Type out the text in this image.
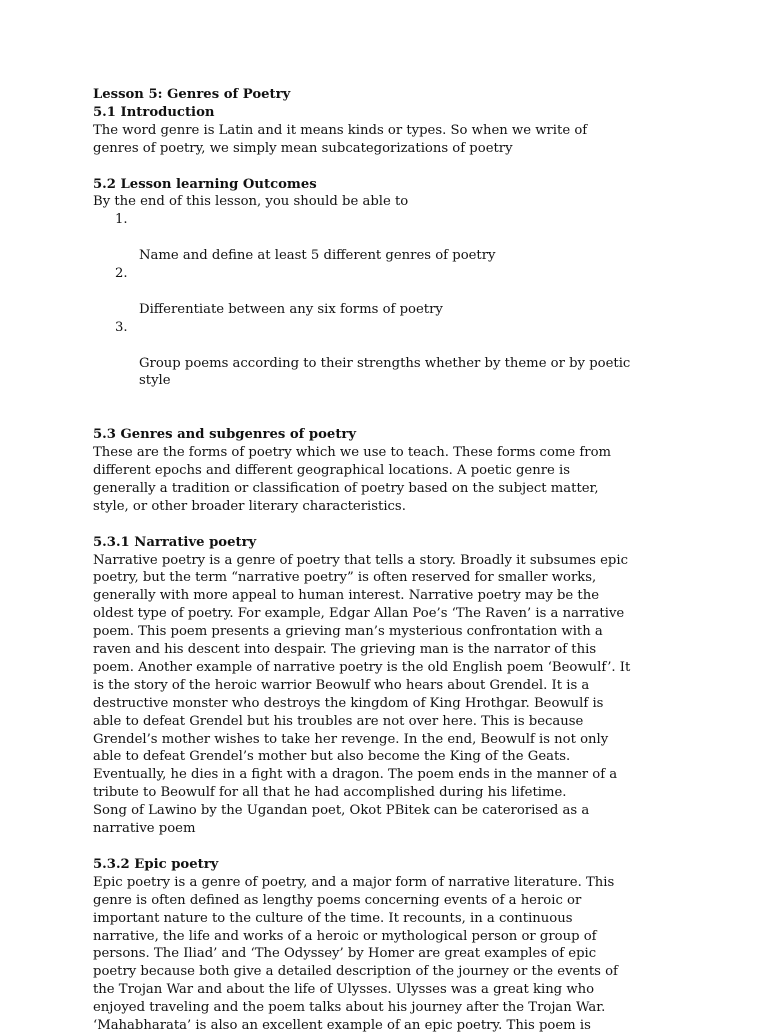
Lesson 5: Genres of Poetry

5.1 Introduction

The word genre is Latin and it means kinds or types. So when we write of
genres of poetry, we simply mean subcategorizations of poetry

5.2 Lesson learning Outcomes

By the end of this lesson, you should be able to

1.

Name and define at least 5 different genres of poetry

2.

Differentiate between any six forms of poetry

3.

Group poems according to their strengths whether by theme or by poetic
style

5.3 Genres and subgenres of poetry

These are the forms of poetry which we use to teach. These forms come from
different epochs and different geographical locations. A poetic genre is
generally a tradition or classification of poetry based on the subject matter,
style, or other broader literary characteristics.

5.3.1 Narrative poetry

Narrative poetry is a genre of poetry that tells a story. Broadly it subsumes epic
poetry, but the term “narrative poetry” is often reserved for smaller works,
generally with more appeal to human interest. Narrative poetry may be the
oldest type of poetry. For example, Edgar Allan Poe’s ‘The Raven’ is a narrative
poem. This poem presents a grieving man’s mysterious confrontation with a
raven and his descent into despair. The grieving man is the narrator of this
poem. Another example of narrative poetry is the old English poem ‘Beowulf’. It
is the story of the heroic warrior Beowulf who hears about Grendel. It is a
destructive monster who destroys the kingdom of King Hrothgar. Beowulf is
able to defeat Grendel but his troubles are not over here. This is because
Grendel’s mother wishes to take her revenge. In the end, Beowulf is not only
able to defeat Grendel’s mother but also become the King of the Geats.
Eventually, he dies in a fight with a dragon. The poem ends in the manner of a
tribute to Beowulf for all that he had accomplished during his lifetime.
Song of Lawino by the Ugandan poet, Okot PBitek can be caterorised as a
narrative poem

5.3.2 Epic poetry

Epic poetry is a genre of poetry, and a major form of narrative literature. This
genre is often defined as lengthy poems concerning events of a heroic or
important nature to the culture of the time. It recounts, in a continuous
narrative, the life and works of a heroic or mythological person or group of
persons. The Iliad’ and ‘The Odyssey’ by Homer are great examples of epic
poetry because both give a detailed description of the journey or the events of
the Trojan War and about the life of Ulysses. Ulysses was a great king who
enjoyed traveling and the poem talks about his journey after the Trojan War.
‘Mahabharata’ is also an excellent example of an epic poetry. This poem is
